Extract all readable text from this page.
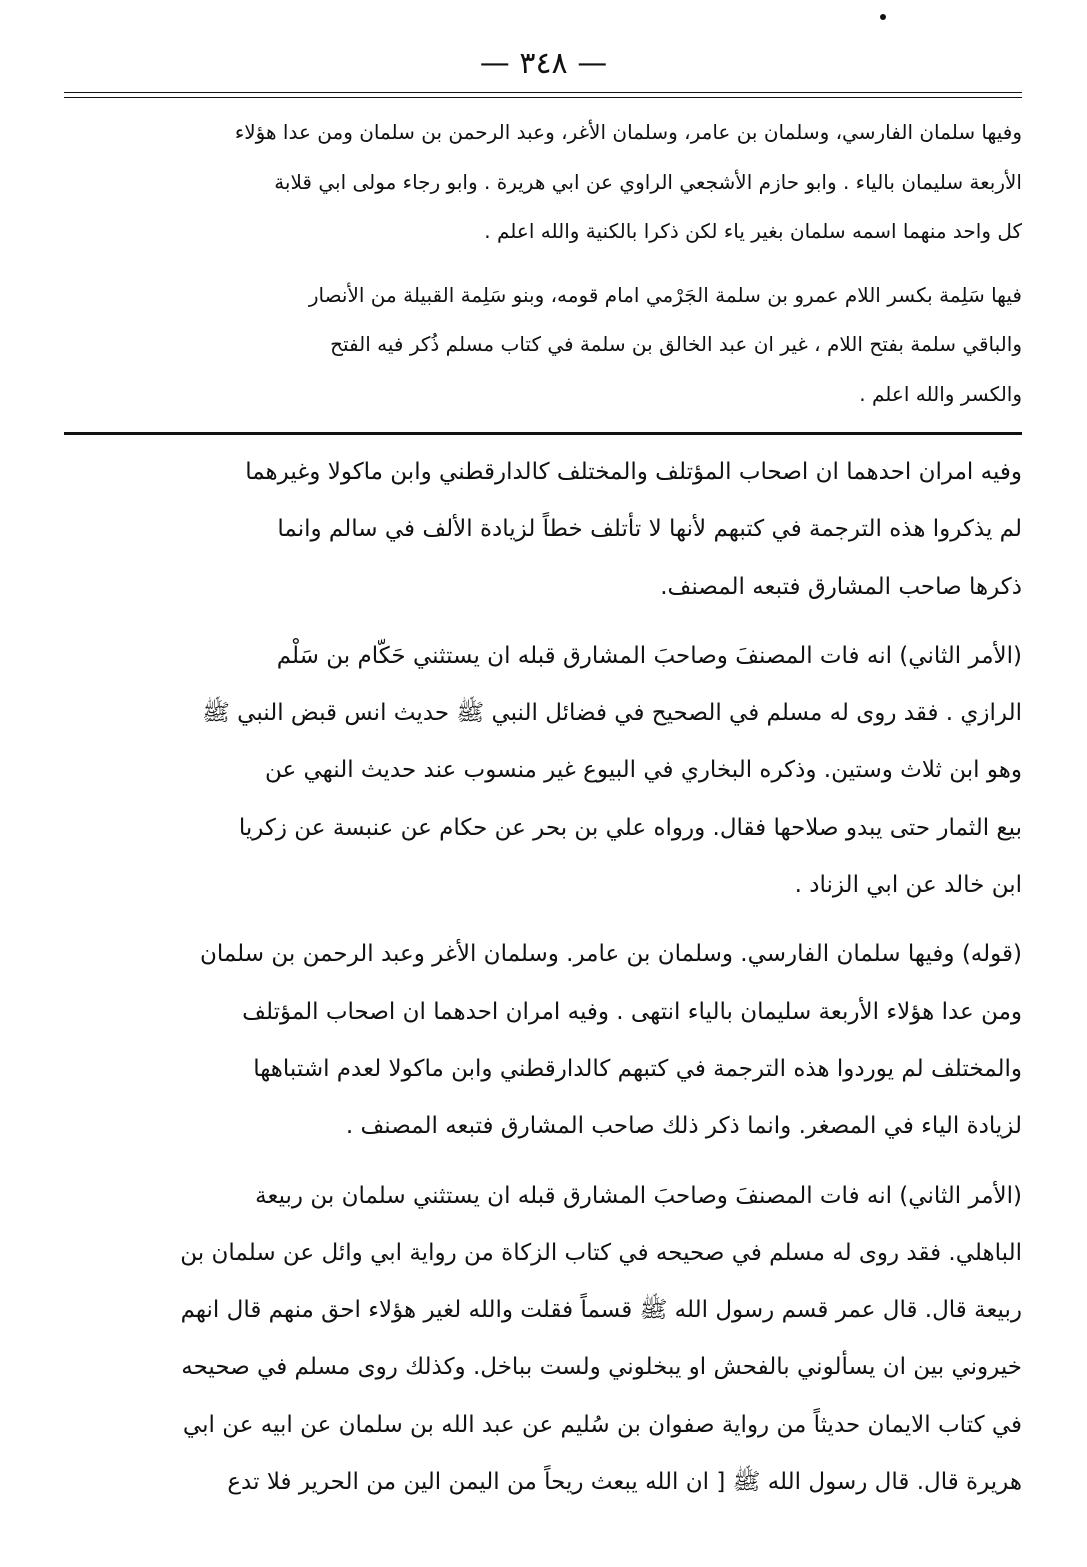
— ٣٤٨ —

وفيها سلمان الفارسي، وسلمان بن عامر، وسلمان الأغر، وعبد الرحمن بن سلمان ومن عدا هؤلاء
الأربعة سليمان بالياء . وابو حازم الأشجعي الراوي عن ابي هريرة . وابو رجاء مولى ابي قلابة
كل واحد منهما اسمه سلمان بغير ياء لكن ذكرا بالكنية والله اعلم .

فيها سَلِمة بكسر اللام عمرو بن سلمة الجَرْمي امام قومه، وبنو سَلِمة القبيلة من الأنصار
والباقي سلمة بفتح اللام ، غير ان عبد الخالق بن سلمة في كتاب مسلم ذُكر فيه الفتح
والكسر والله اعلم .

وفيه امران احدهما ان اصحاب المؤتلف والمختلف كالدارقطني وابن ماكولا وغيرهما
لم يذكروا هذه الترجمة في كتبهم لأنها لا تأتلف خطاً لزيادة الألف في سالم وانما
ذكرها صاحب المشارق فتبعه المصنف.

(الأمر الثاني) انه فات المصنفَ وصاحبَ المشارق قبله ان يستثني حَكّام بن سَلْم
الرازي . فقد روى له مسلم في الصحيح في فضائل النبي ﷺ حديث انس قبض النبي ﷺ
وهو ابن ثلاث وستين. وذكره البخاري في البيوع غير منسوب عند حديث النهي عن
بيع الثمار حتى يبدو صلاحها فقال. ورواه علي بن بحر عن حكام عن عنبسة عن زكريا
ابن خالد عن ابي الزناد .

(قوله) وفيها سلمان الفارسي. وسلمان بن عامر. وسلمان الأغر وعبد الرحمن بن سلمان
ومن عدا هؤلاء الأربعة سليمان بالياء انتهى . وفيه امران احدهما ان اصحاب المؤتلف
والمختلف لم يوردوا هذه الترجمة في كتبهم كالدارقطني وابن ماكولا لعدم اشتباهها
لزيادة الياء في المصغر. وانما ذكر ذلك صاحب المشارق فتبعه المصنف .

(الأمر الثاني) انه فات المصنفَ وصاحبَ المشارق قبله ان يستثني سلمان بن ربيعة
الباهلي. فقد روى له مسلم في صحيحه في كتاب الزكاة من رواية ابي وائل عن سلمان بن
ربيعة قال. قال عمر قسم رسول الله ﷺ قسماً فقلت والله لغير هؤلاء احق منهم قال انهم
خيروني بين ان يسألوني بالفحش او يبخلوني ولست بباخل. وكذلك روى مسلم في صحيحه
في كتاب الايمان حديثاً من رواية صفوان بن سُليم عن عبد الله بن سلمان عن ابيه عن ابي
هريرة قال. قال رسول الله ﷺ [ ان الله يبعث ريحاً من اليمن الين من الحرير فلا تدع
